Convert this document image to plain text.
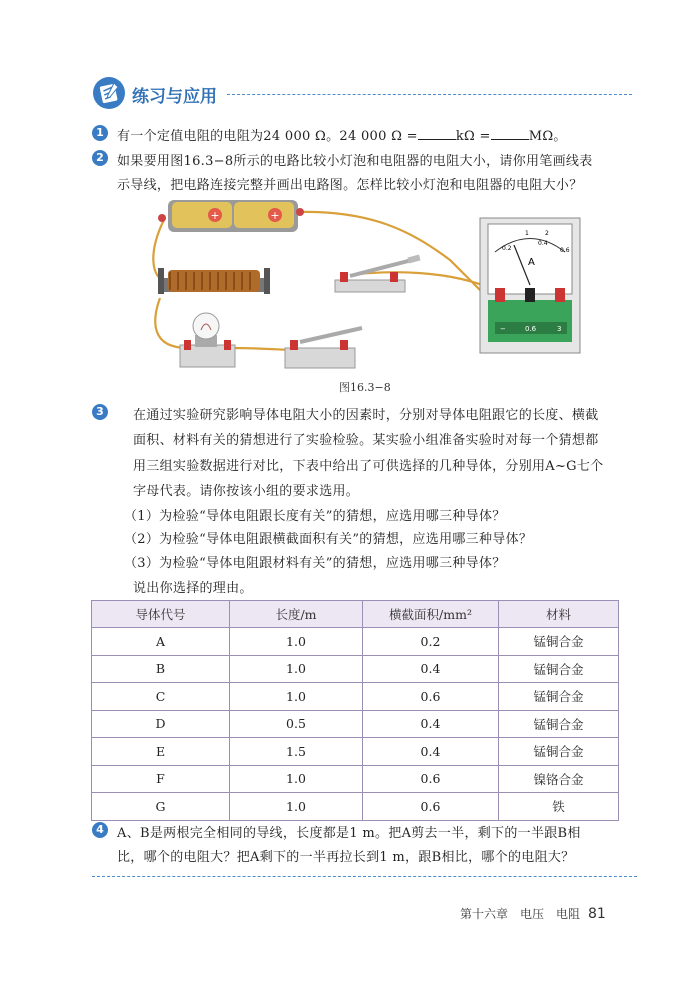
练习与应用
1	有一个定值电阻的电阻为24 000 Ω。24 000 Ω =	kΩ =	MΩ。
2	如果要用图16.3−8所示的电路比较小灯泡和电阻器的电阻大小，请你用笔画线表
示导线，把电路连接完整并画出电路图。怎样比较小灯泡和电阻器的电阻大小？
+	+
1	2
0.2
0.4
0.6
A
−	0.6	3
图16.3−8
3	在通过实验研究影响导体电阻大小的因素时，分别对导体电阻跟它的长度、横截
面积、材料有关的猜想进行了实验检验。某实验小组准备实验时对每一个猜想都
用三组实验数据进行对比，下表中给出了可供选择的几种导体，分别用A~G七个
字母代表。请你按该小组的要求选用。
（1）为检验“导体电阻跟长度有关”的猜想，应选用哪三种导体？
（2）为检验“导体电阻跟横截面积有关”的猜想，应选用哪三种导体？
（3）为检验“导体电阻跟材料有关”的猜想，应选用哪三种导体？
说出你选择的理由。
导体代号	长度/m	横截面积/mm²	材料
A	1.0	0.2	锰铜合金
B	1.0	0.4	锰铜合金
C	1.0	0.6	锰铜合金
D	0.5	0.4	锰铜合金
E	1.5	0.4	锰铜合金
F	1.0	0.6	镍铬合金
G	1.0	0.6	铁
4	A、B是两根完全相同的导线，长度都是1 m。把A剪去一半，剩下的一半跟B相
比，哪个的电阻大？把A剩下的一半再拉长到1 m，跟B相比，哪个的电阻大？
第十六章　电压　电阻 81
